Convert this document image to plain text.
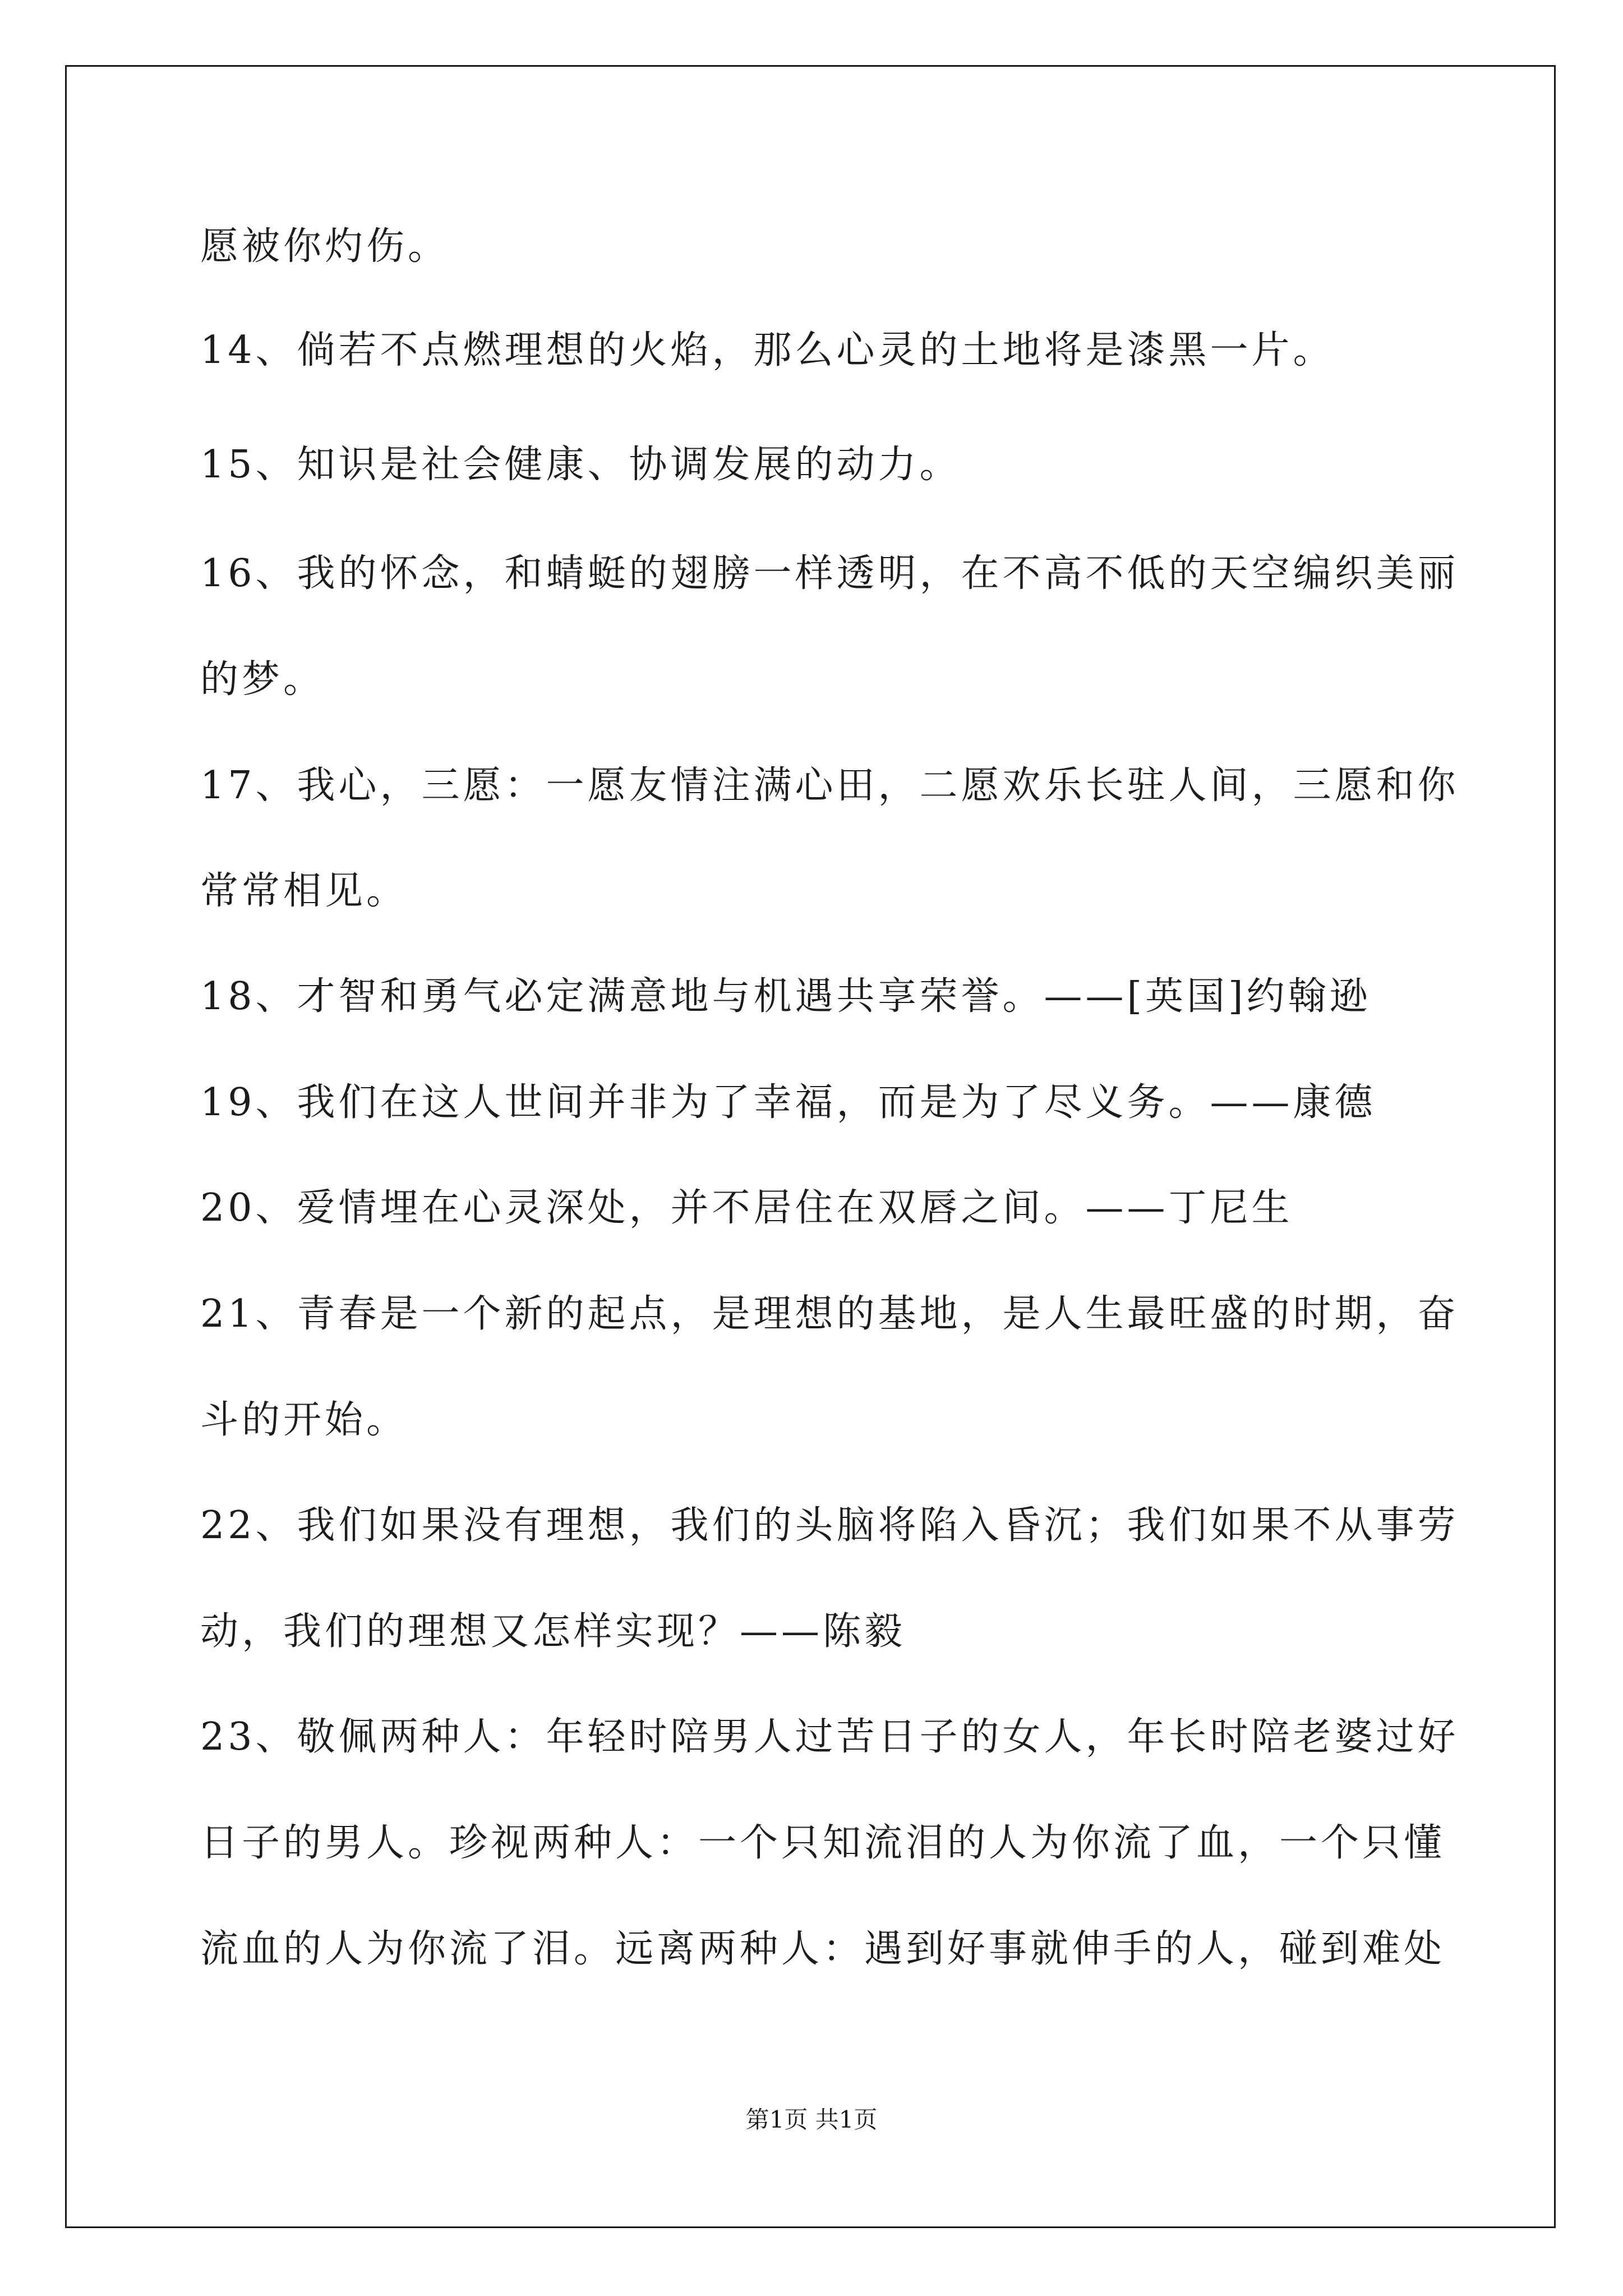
愿被你灼伤。
14、倘若不点燃理想的火焰，那么心灵的土地将是漆黑一片。
15、知识是社会健康、协调发展的动力。
16、我的怀念，和蜻蜓的翅膀一样透明，在不高不低的天空编织美丽
的梦。
17、我心，三愿：一愿友情注满心田，二愿欢乐长驻人间，三愿和你
常常相见。
18、才智和勇气必定满意地与机遇共享荣誉。——[英国]约翰逊
19、我们在这人世间并非为了幸福，而是为了尽义务。——康德
20、爱情埋在心灵深处，并不居住在双唇之间。——丁尼生
21、青春是一个新的起点，是理想的基地，是人生最旺盛的时期，奋
斗的开始。
22、我们如果没有理想，我们的头脑将陷入昏沉；我们如果不从事劳
动，我们的理想又怎样实现？——陈毅
23、敬佩两种人：年轻时陪男人过苦日子的女人，年长时陪老婆过好
日子的男人。珍视两种人：一个只知流泪的人为你流了血，一个只懂
流血的人为你流了泪。远离两种人：遇到好事就伸手的人，碰到难处
第1页 共1页
